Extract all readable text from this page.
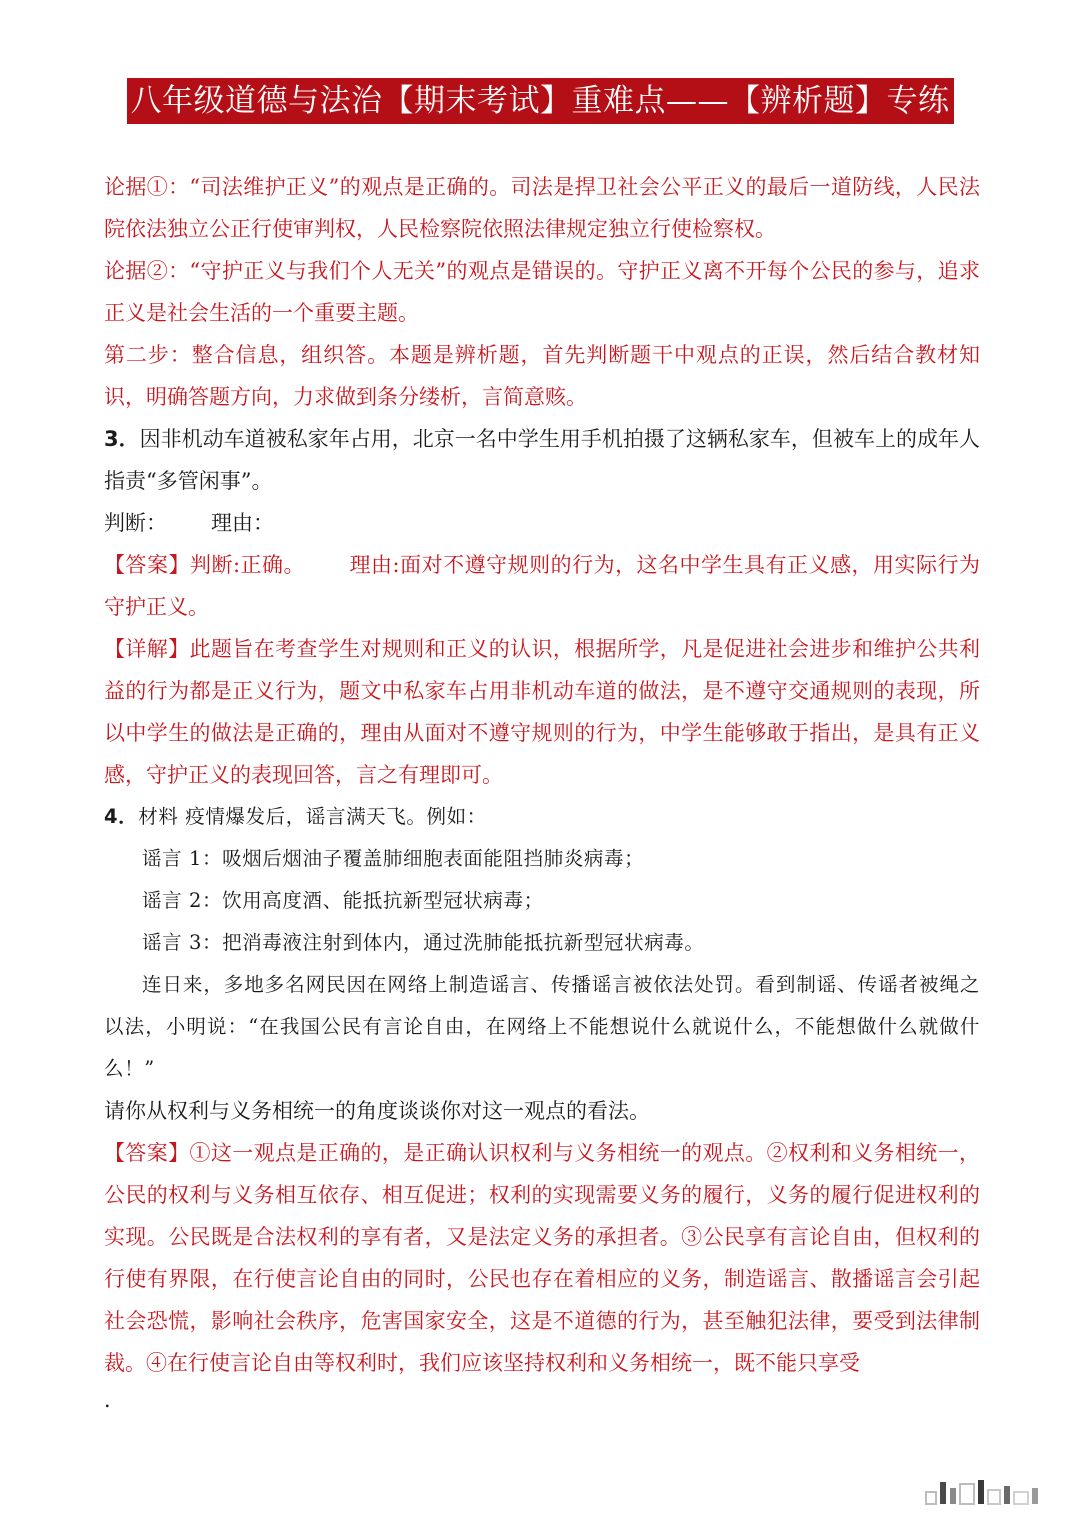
八年级道德与法治【期末考试】重难点——【辨析题】专练

论据①：“司法维护正义”的观点是正确的。司法是捍卫社会公平正义的最后一道防线，人民法院依法独立公正行使审判权，人民检察院依照法律规定独立行使检察权。

论据②：“守护正义与我们个人无关”的观点是错误的。守护正义离不开每个公民的参与，追求正义是社会生活的一个重要主题。

第二步：整合信息，组织答。本题是辨析题，首先判断题干中观点的正误，然后结合教材知识，明确答题方向，力求做到条分缕析，言简意赅。

3．因非机动车道被私家年占用，北京一名中学生用手机拍摄了这辆私家车，但被车上的成年人指责“多管闲事”。

判断： 理由：

【答案】判断:正确。 理由:面对不遵守规则的行为，这名中学生具有正义感，用实际行为守护正义。

【详解】此题旨在考查学生对规则和正义的认识，根据所学，凡是促进社会进步和维护公共利益的行为都是正义行为，题文中私家车占用非机动车道的做法，是不遵守交通规则的表现，所以中学生的做法是正确的，理由从面对不遵守规则的行为，中学生能够敢于指出，是具有正义感，守护正义的表现回答，言之有理即可。

4．材料 疫情爆发后，谣言满天飞。例如：

谣言 1：吸烟后烟油子覆盖肺细胞表面能阻挡肺炎病毒；

谣言 2：饮用高度酒、能抵抗新型冠状病毒；

谣言 3：把消毒液注射到体内，通过洗肺能抵抗新型冠状病毒。

连日来，多地多名网民因在网络上制造谣言、传播谣言被依法处罚。看到制谣、传谣者被绳之以法，小明说：“在我国公民有言论自由，在网络上不能想说什么就说什么，不能想做什么就做什么！”

请你从权利与义务相统一的角度谈谈你对这一观点的看法。

【答案】①这一观点是正确的，是正确认识权利与义务相统一的观点。②权利和义务相统一，公民的权利与义务相互依存、相互促进；权利的实现需要义务的履行，义务的履行促进权利的实现。公民既是合法权利的享有者，又是法定义务的承担者。③公民享有言论自由，但权利的行使有界限，在行使言论自由的同时，公民也存在着相应的义务，制造谣言、散播谣言会引起社会恐慌，影响社会秩序，危害国家安全，这是不道德的行为，甚至触犯法律，要受到法律制裁。④在行使言论自由等权利时，我们应该坚持权利和义务相统一，既不能只享受

．
